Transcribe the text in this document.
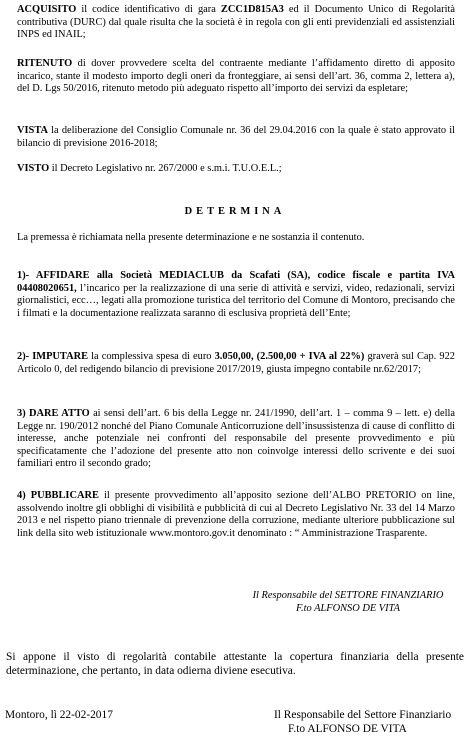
ACQUISITO il codice identificativo di gara ZCC1D815A3 ed il Documento Unico di Regolarità contributiva (DURC) dal quale risulta che la società è in regola con gli enti previdenziali ed assistenziali INPS ed INAIL;

RITENUTO di dover provvedere scelta del contraente mediante l’affidamento diretto di apposito incarico, stante il modesto importo degli oneri da fronteggiare, ai sensi dell’art. 36, comma 2, lettera a), del D. Lgs 50/2016, ritenuto metodo più adeguato rispetto all’importo dei servizi da espletare;

VISTA la deliberazione del Consiglio Comunale nr. 36 del 29.04.2016 con la quale è stato approvato il bilancio di previsione 2016-2018;

VISTO il Decreto Legislativo nr. 267/2000 e s.m.i. T.U.O.E.L.;

DETERMINA

La premessa è richiamata nella presente determinazione e ne sostanzia il contenuto.

1)- AFFIDARE alla Società MEDIACLUB da Scafati (SA), codice fiscale e partita IVA 04408020651, l’incarico per la realizzazione di una serie di attività e servizi, video, redazionali, servizi giornalistici, ecc…, legati alla promozione turistica del territorio del Comune di Montoro, precisando che i filmati e la documentazione realizzata saranno di esclusiva proprietà dell’Ente;

2)- IMPUTARE la complessiva spesa di euro 3.050,00, (2.500,00 + IVA al 22%) graverà sul Cap. 922 Articolo 0, del redigendo bilancio di previsione 2017/2019, giusta impegno contabile nr.62/2017;

3) DARE ATTO ai sensi dell’art. 6 bis della Legge nr. 241/1990, dell’art. 1 – comma 9 – lett. e) della Legge nr. 190/2012 nonché del Piano Comunale Anticorruzione dell’insussistenza di cause di conflitto di interesse, anche potenziale nei confronti del responsabile del presente provvedimento e più specificatamente che l’adozione del presente atto non coinvolge interessi dello scrivente e dei suoi familiari entro il secondo grado;

4) PUBBLICARE il presente provvedimento all’apposito sezione dell’ALBO PRETORIO on line, assolvendo inoltre gli obblighi di visibilità e pubblicità di cui al Decreto Legislativo Nr. 33 del 14 Marzo 2013 e nel rispetto piano triennale di prevenzione della corruzione, mediante ulteriore pubblicazione sul link della sito web istituzionale www.montoro.gov.it denominato : “ Amministrazione Trasparente.

Il Responsabile del SETTORE FINANZIARIO

F.to ALFONSO DE VITA

Si appone il visto di regolarità contabile attestante la copertura finanziaria della presente determinazione, che pertanto, in data odierna diviene esecutiva.

Montoro, lì 22-02-2017	Il Responsabile del Settore Finanziario

F.to ALFONSO DE VITA
